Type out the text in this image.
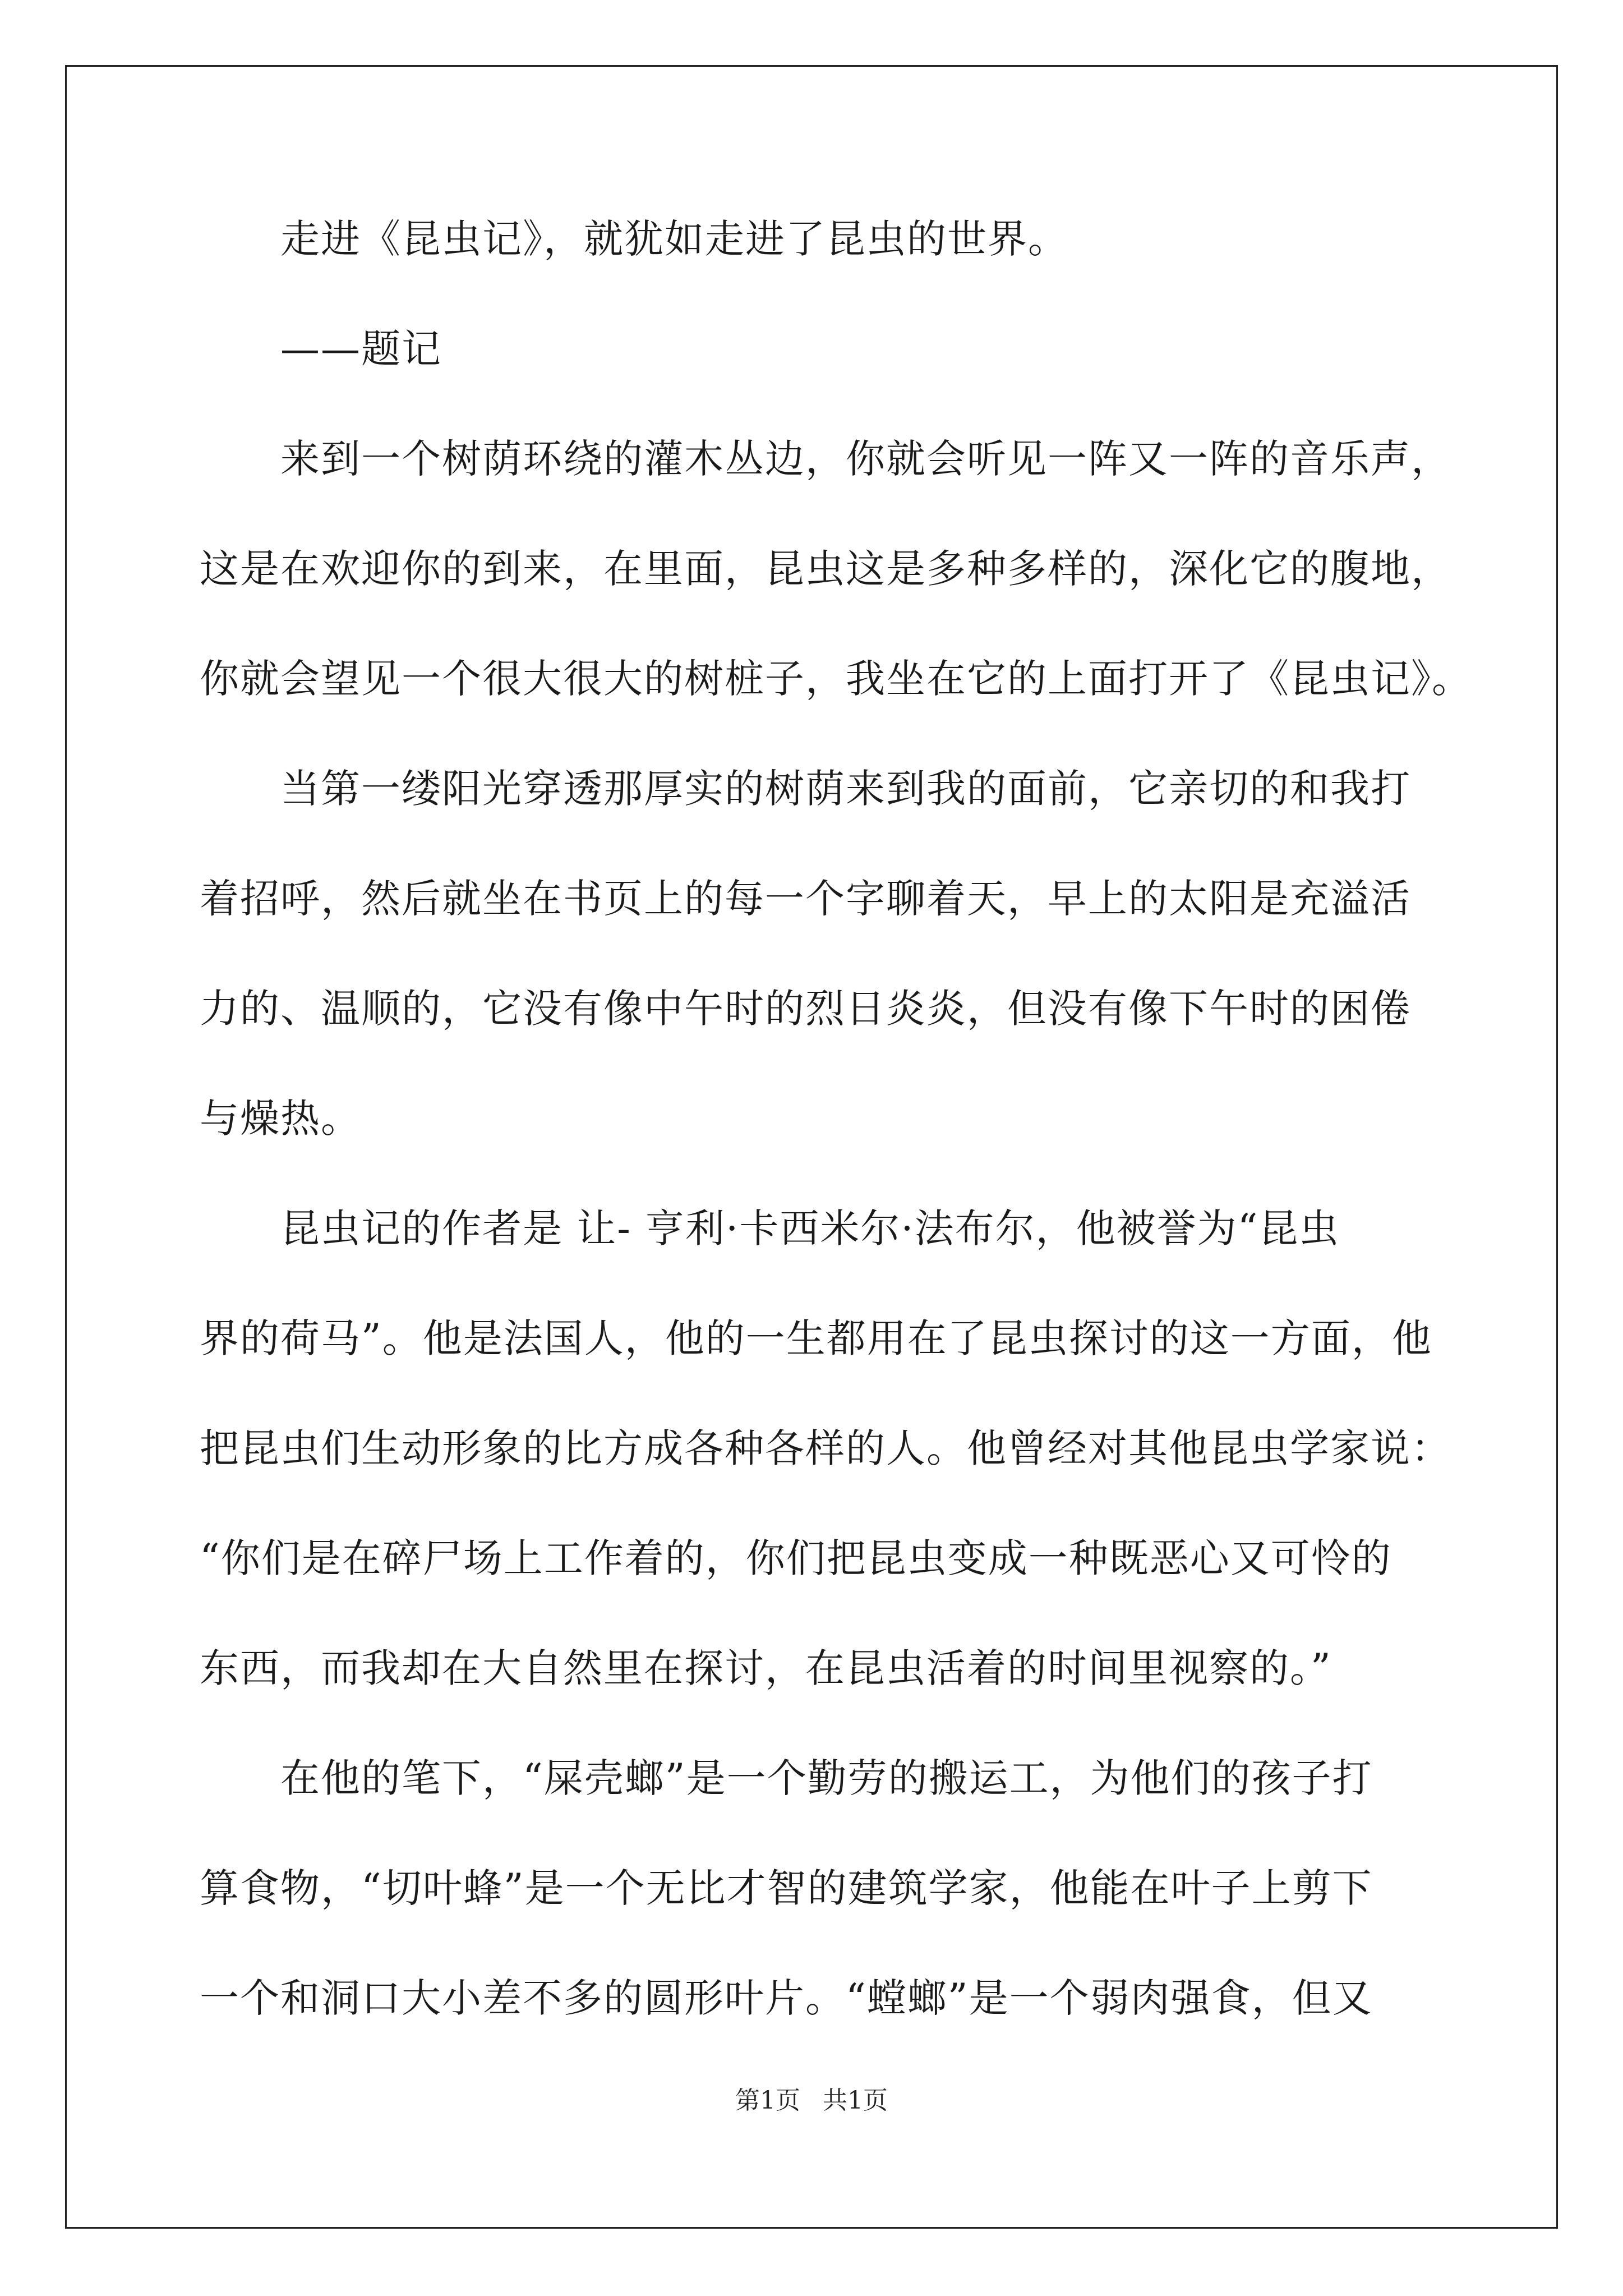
　　走进《昆虫记》，就犹如走进了昆虫的世界。
　　——题记
　　来到一个树荫环绕的灌木丛边，你就会听见一阵又一阵的音乐声，
这是在欢迎你的到来，在里面，昆虫这是多种多样的，深化它的腹地，
你就会望见一个很大很大的树桩子，我坐在它的上面打开了《昆虫记》。
　　当第一缕阳光穿透那厚实的树荫来到我的面前，它亲切的和我打
着招呼，然后就坐在书页上的每一个字聊着天，早上的太阳是充溢活
力的、温顺的，它没有像中午时的烈日炎炎，但没有像下午时的困倦
与燥热。
　　昆虫记的作者是 让- 亨利·卡西米尔·法布尔，他被誉为“昆虫
界的荷马”。他是法国人，他的一生都用在了昆虫探讨的这一方面，他
把昆虫们生动形象的比方成各种各样的人。他曾经对其他昆虫学家说：
“你们是在碎尸场上工作着的，你们把昆虫变成一种既恶心又可怜的
东西，而我却在大自然里在探讨，在昆虫活着的时间里视察的。”
　　在他的笔下，“屎壳螂”是一个勤劳的搬运工，为他们的孩子打
算食物，“切叶蜂”是一个无比才智的建筑学家，他能在叶子上剪下
一个和洞口大小差不多的圆形叶片。“螳螂”是一个弱肉强食，但又
第1页 共1页
